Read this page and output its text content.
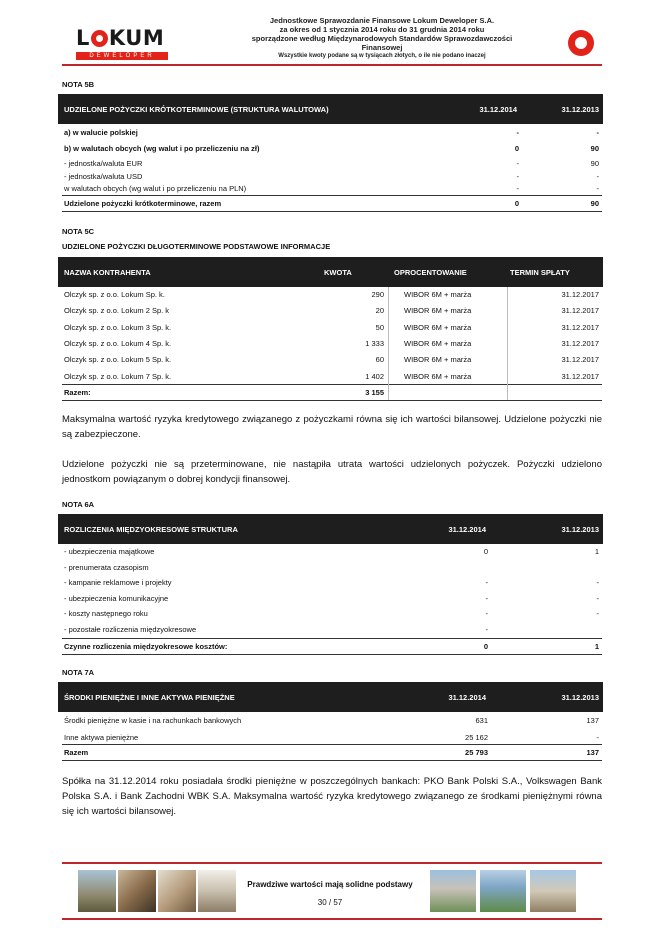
L KUM
DEWELOPER
Jednostkowe Sprawozdanie Finansowe Lokum Deweloper S.A.
za okres od 1 stycznia 2014 roku do 31 grudnia 2014 roku
sporządzone według Międzynarodowych Standardów Sprawozdawczości Finansowej
Wszystkie kwoty podane są w tysiącach złotych, o ile nie podano inaczej
NOTA 5B
UDZIELONE POŻYCZKI KRÓTKOTERMINOWE (STRUKTURA WALUTOWA)	31.12.2014	31.12.2013
a) w walucie polskiej	-	-
b) w walutach obcych (wg walut i po przeliczeniu na zł)	0	90
- jednostka/waluta EUR	-	90
- jednostka/waluta USD	-	-
w walutach obcych (wg walut i po przeliczeniu na PLN)	-	-
Udzielone pożyczki krótkoterminowe, razem	0	90
NOTA 5C
UDZIELONE POŻYCZKI DŁUGOTERMINOWE PODSTAWOWE INFORMACJE
NAZWA KONTRAHENTA	KWOTA	OPROCENTOWANIE	TERMIN SPŁATY
Olczyk sp. z o.o. Lokum Sp. k.	290	WIBOR 6M + marża	31.12.2017
Olczyk sp. z o.o. Lokum 2 Sp. k	20	WIBOR 6M + marża	31.12.2017
Olczyk sp. z o.o. Lokum 3 Sp. k.	50	WIBOR 6M + marża	31.12.2017
Olczyk sp. z o.o. Lokum 4 Sp. k.	1 333	WIBOR 6M + marża	31.12.2017
Olczyk sp. z o.o. Lokum 5 Sp. k.	60	WIBOR 6M + marża	31.12.2017
Olczyk sp. z o.o. Lokum 7 Sp. k.	1 402	WIBOR 6M + marża	31.12.2017
Razem:	3 155
Maksymalna wartość ryzyka kredytowego związanego z pożyczkami równa się ich wartości bilansowej. Udzielone pożyczki nie są zabezpieczone.
Udzielone pożyczki nie są przeterminowane, nie nastąpiła utrata wartości udzielonych pożyczek. Pożyczki udzielono jednostkom powiązanym o dobrej kondycji finansowej.
NOTA 6A
ROZLICZENIA MIĘDZYOKRESOWE STRUKTURA	31.12.2014	31.12.2013
- ubezpieczenia majątkowe	0	1
- prenumerata czasopism
- kampanie reklamowe i projekty	-	-
- ubezpieczenia komunikacyjne	-	-
- koszty następnego roku	-	-
- pozostałe rozliczenia międzyokresowe	-
Czynne rozliczenia międzyokresowe kosztów:	0	1
NOTA 7A
ŚRODKI PIENIĘŻNE I INNE AKTYWA PIENIĘŻNE	31.12.2014	31.12.2013
Środki pieniężne w kasie i na rachunkach bankowych	631	137
Inne aktywa pieniężne	25 162	-
Razem	25 793	137
Spółka na 31.12.2014 roku posiadała środki pieniężne w poszczególnych bankach: PKO Bank Polski S.A., Volkswagen Bank Polska S.A. i Bank Zachodni WBK S.A. Maksymalna wartość ryzyka kredytowego związanego ze środkami pieniężnymi równa się ich wartości bilansowej.
Prawdziwe wartości mają solidne podstawy
30 / 57
